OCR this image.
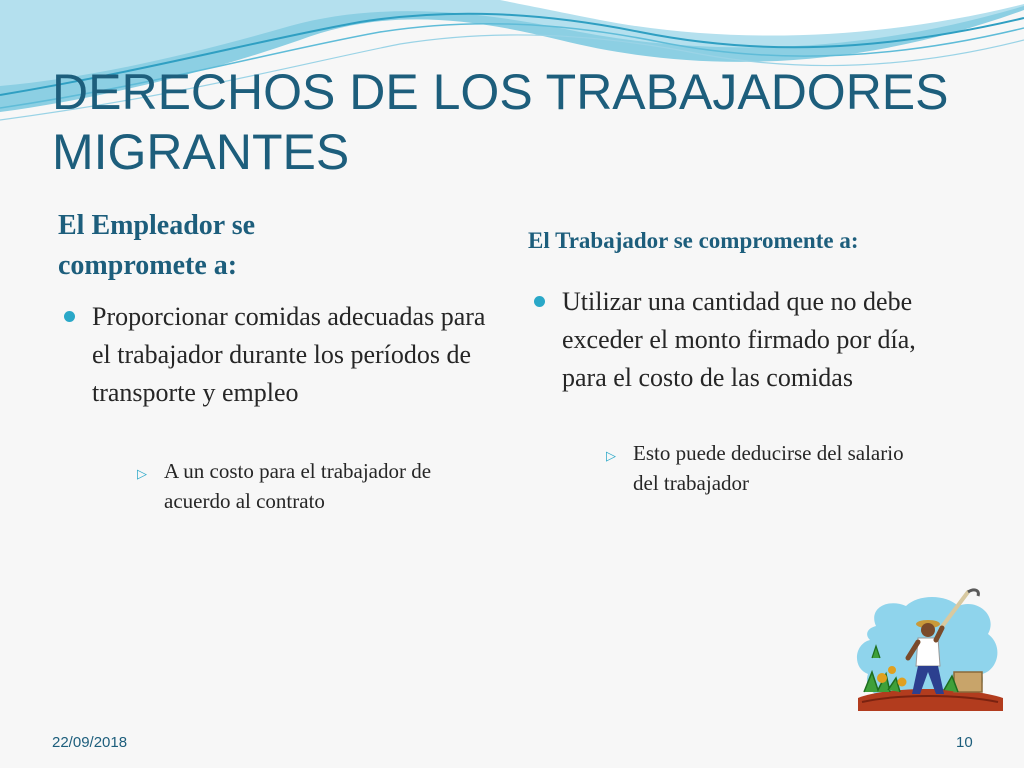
DERECHOS DE LOS TRABAJADORES MIGRANTES
El Empleador se compromete a:
El Trabajador se compromente a:
Proporcionar comidas adecuadas para el trabajador durante los períodos de transporte y empleo
▷ A un costo para el trabajador de acuerdo al contrato
Utilizar una cantidad que no debe exceder el monto firmado por día, para el costo de las comidas
▷ Esto puede deducirse del salario del trabajador
22/09/2018	10
